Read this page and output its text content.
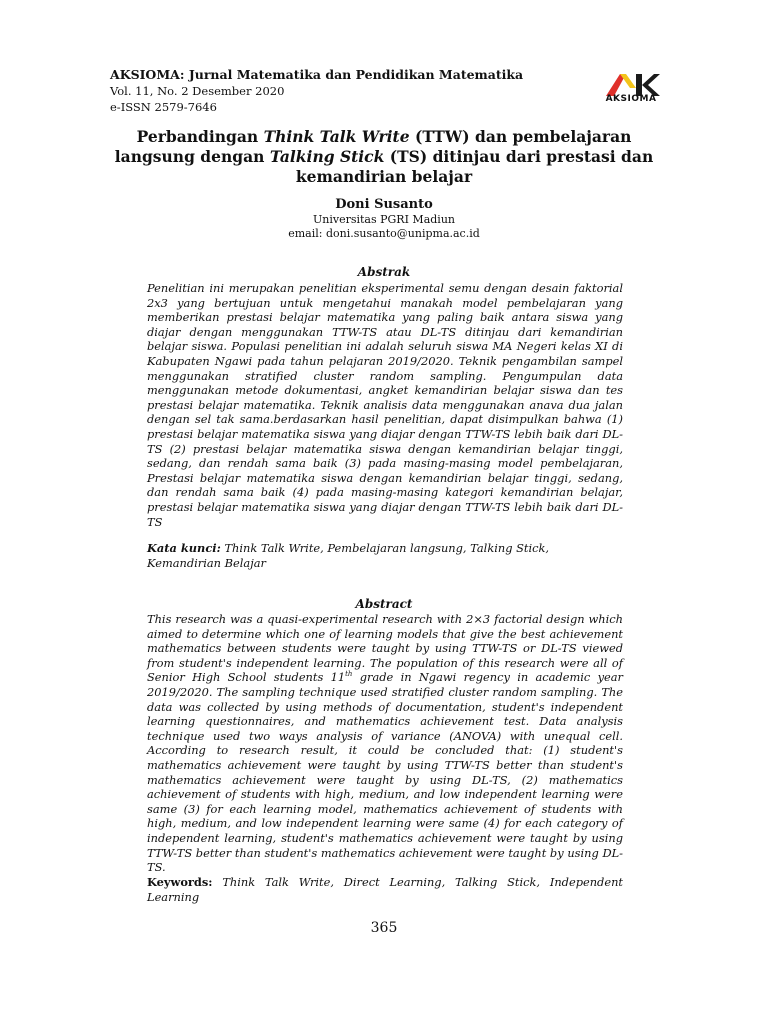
AKSIOMA: Jurnal Matematika dan Pendidikan Matematika
Vol. 11, No. 2 Desember 2020
e-ISSN 2579-7646
AKSIOMA
Perbandingan Think Talk Write (TTW) dan pembelajaran langsung dengan Talking Stick (TS) ditinjau dari prestasi dan kemandirian belajar
Doni Susanto
Universitas PGRI Madiun
email: doni.susanto@unipma.ac.id
Abstrak

Penelitian ini merupakan penelitian eksperimental semu dengan desain faktorial 2x3 yang bertujuan untuk mengetahui manakah model pembelajaran yang memberikan prestasi belajar matematika yang paling baik antara siswa yang diajar dengan menggunakan TTW-TS atau DL-TS ditinjau dari kemandirian belajar siswa. Populasi penelitian ini adalah seluruh siswa MA Negeri kelas XI di Kabupaten Ngawi pada tahun pelajaran 2019/2020. Teknik pengambilan sampel menggunakan stratified cluster random sampling. Pengumpulan data menggunakan metode dokumentasi, angket kemandirian belajar siswa dan tes prestasi belajar matematika. Teknik analisis data menggunakan anava dua jalan dengan sel tak sama.berdasarkan hasil penelitian, dapat disimpulkan bahwa (1) prestasi belajar matematika siswa yang diajar dengan TTW-TS lebih baik dari DL-TS (2) prestasi belajar matematika siswa dengan kemandirian belajar tinggi, sedang, dan rendah sama baik (3) pada masing-masing model pembelajaran, Prestasi belajar matematika siswa dengan kemandirian belajar tinggi, sedang, dan rendah sama baik (4) pada masing-masing kategori kemandirian belajar, prestasi belajar matematika siswa yang diajar dengan TTW-TS lebih baik dari DL-TS

Kata kunci: Think Talk Write, Pembelajaran langsung, Talking Stick, Kemandirian Belajar
Abstract

This research was a quasi-experimental research with 2×3 factorial design which aimed to determine which one of learning models that give the best achievement mathematics between students were taught by using TTW-TS or DL-TS viewed from student's independent learning. The population of this research were all of Senior High School students 11th grade in Ngawi regency in academic year 2019/2020. The sampling technique used stratified cluster random sampling. The data was collected by using methods of documentation, student's independent learning questionnaires, and mathematics achievement test. Data analysis technique used two ways analysis of variance (ANOVA) with unequal cell. According to research result, it could be concluded that: (1) student's mathematics achievement were taught by using TTW-TS better than student's mathematics achievement were taught by using DL-TS, (2) mathematics achievement of students with high, medium, and low independent learning were same (3) for each learning model, mathematics achievement of students with high, medium, and low independent learning were same (4) for each category of independent learning, student's mathematics achievement were taught by using TTW-TS better than student's mathematics achievement were taught by using DL-TS.

Keywords: Think Talk Write, Direct Learning, Talking Stick, Independent Learning
365
